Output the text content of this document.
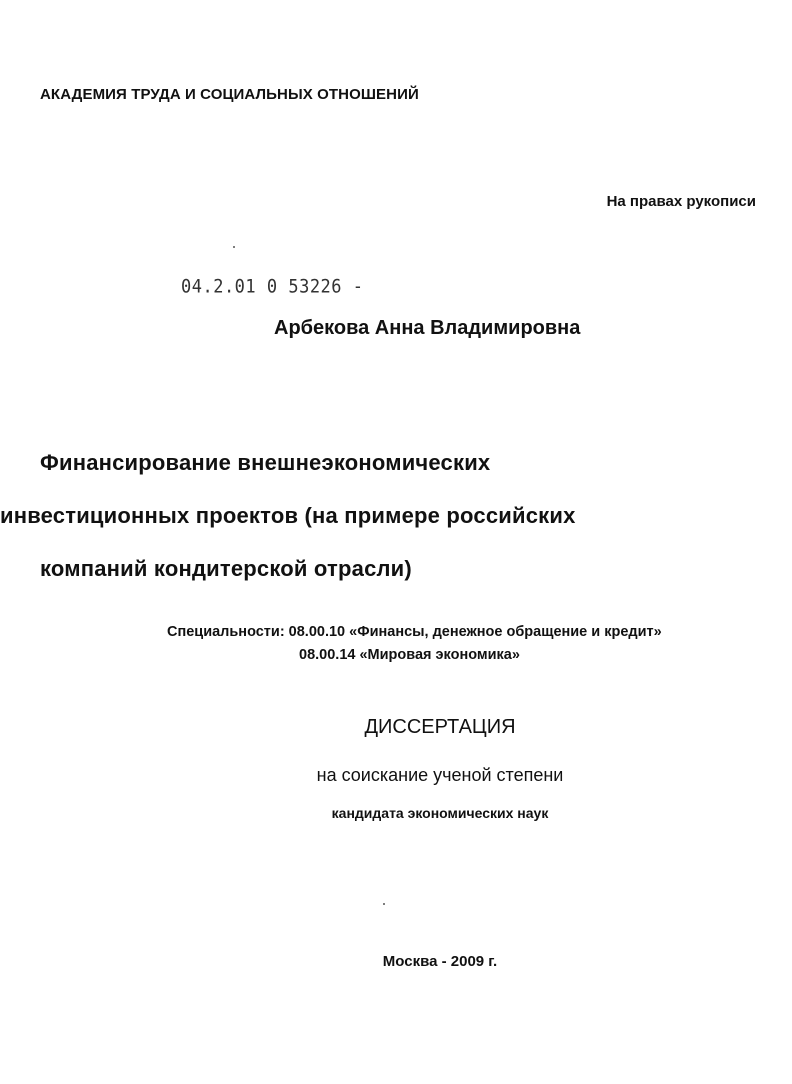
АКАДЕМИЯ ТРУДА И СОЦИАЛЬНЫХ ОТНОШЕНИЙ
На правах рукописи
04.2.01 0 53226 -
Арбекова Анна Владимировна
Финансирование внешнеэкономических
инвестиционных проектов (на примере российских
компаний кондитерской отрасли)
Специальности: 08.00.10 «Финансы, денежное обращение и кредит»
08.00.14 «Мировая экономика»
ДИССЕРТАЦИЯ
на соискание ученой степени
кандидата экономических наук
Москва - 2009 г.
